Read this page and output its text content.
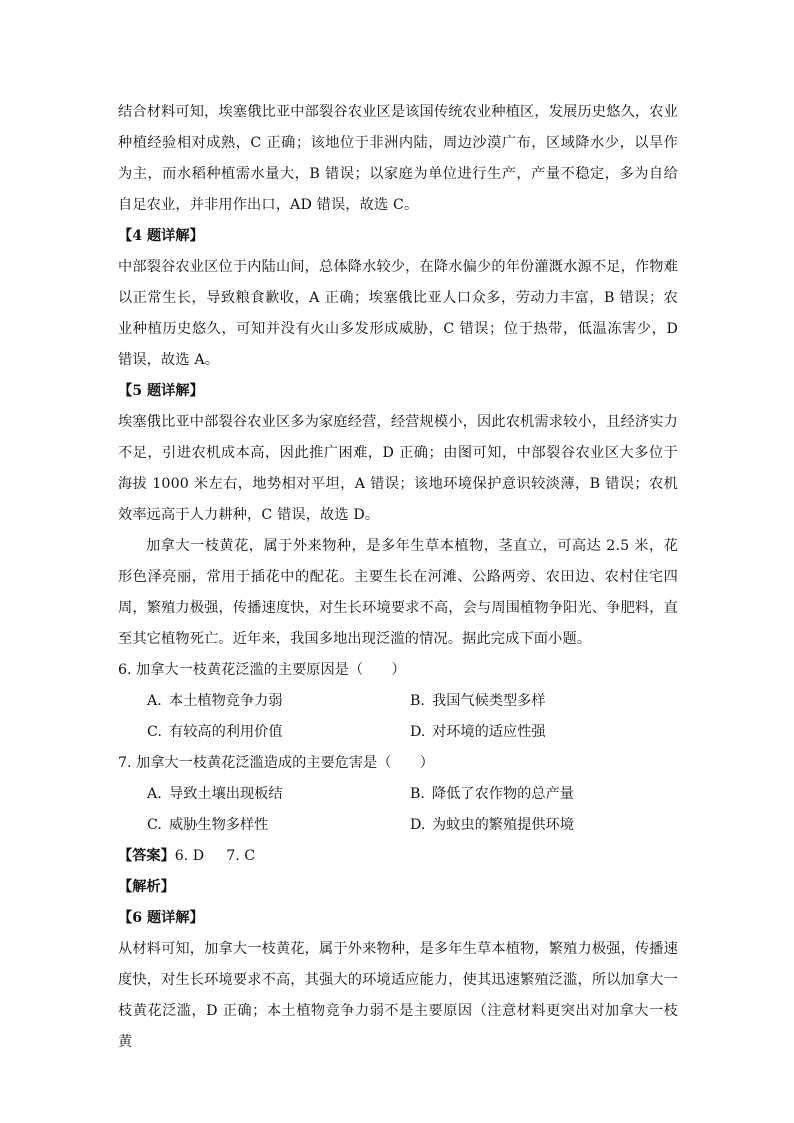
结合材料可知，埃塞俄比亚中部裂谷农业区是该国传统农业种植区，发展历史悠久，农业种植经验相对成熟，C 正确；该地位于非洲内陆，周边沙漠广布，区域降水少，以旱作为主，而水稻种植需水量大，B 错误；以家庭为单位进行生产，产量不稳定，多为自给自足农业，并非用作出口，AD 错误，故选 C。

【4 题详解】

中部裂谷农业区位于内陆山间，总体降水较少，在降水偏少的年份灌溉水源不足，作物难以正常生长，导致粮食歉收，A 正确；埃塞俄比亚人口众多，劳动力丰富，B 错误；农业种植历史悠久，可知并没有火山多发形成威胁，C 错误；位于热带，低温冻害少，D 错误，故选 A。

【5 题详解】

埃塞俄比亚中部裂谷农业区多为家庭经营，经营规模小，因此农机需求较小，且经济实力不足，引进农机成本高，因此推广困难，D 正确；由图可知，中部裂谷农业区大多位于海拔 1000 米左右，地势相对平坦，A 错误；该地环境保护意识较淡薄，B 错误；农机效率远高于人力耕种，C 错误，故选 D。

加拿大一枝黄花，属于外来物种，是多年生草本植物，茎直立，可高达 2.5 米，花形色泽亮丽，常用于插花中的配花。主要生长在河滩、公路两旁、农田边、农村住宅四周，繁殖力极强，传播速度快，对生长环境要求不高，会与周围植物争阳光、争肥料，直至其它植物死亡。近年来，我国多地出现泛滥的情况。据此完成下面小题。

6. 加拿大一枝黄花泛滥的主要原因是（　　）
A. 本土植物竞争力弱	B. 我国气候类型多样
C. 有较高的利用价值	D. 对环境的适应性强
7. 加拿大一枝黄花泛滥造成的主要危害是（　　）
A. 导致土壤出现板结	B. 降低了农作物的总产量
C. 威胁生物多样性	D. 为蚊虫的繁殖提供环境
【答案】6. D 7. C
【解析】
【6 题详解】

从材料可知，加拿大一枝黄花，属于外来物种，是多年生草本植物，繁殖力极强，传播速度快，对生长环境要求不高，其强大的环境适应能力，使其迅速繁殖泛滥，所以加拿大一枝黄花泛滥，D 正确；本土植物竞争力弱不是主要原因（注意材料更突出对加拿大一枝黄
